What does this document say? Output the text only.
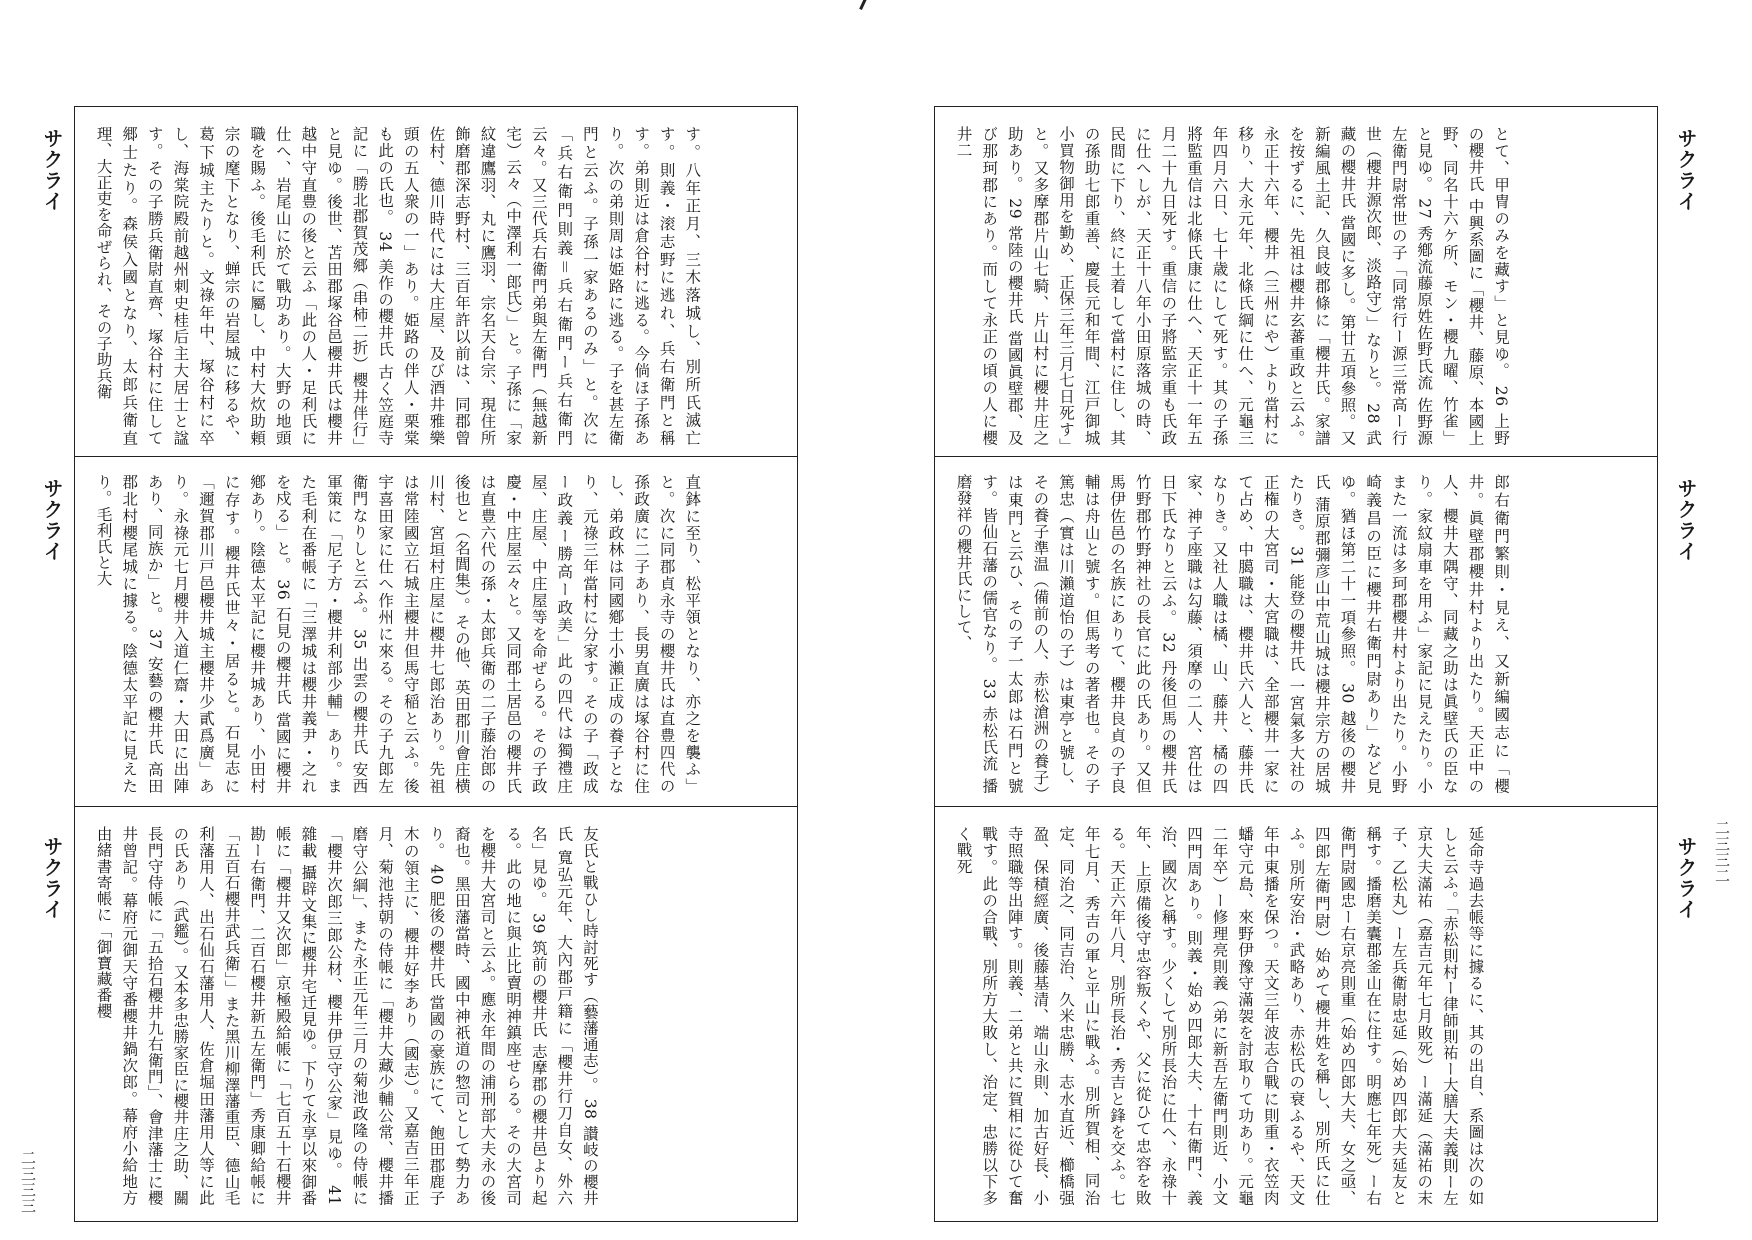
サクライ
サクライ
サクライ
す。八年正月、三木落城し、別所氏滅亡す。則義・滚志野に逃れ、兵右衛門と稱す。弟則近は倉谷村に逃る。今倘ほ子孫あり。次の弟則周は姫路に逃る。子を甚左衛門と云ふ。子孫一家あるのみ」と。次に「兵右衛門則義＝兵右衛門ー兵右衛門云々。又三代兵右衛門弟與左衛門（無越新宅）云々（中澤利一郎氏）」と。子孫に「家紋違鷹羽、丸に鷹羽、宗名天台宗、現住所飾磨郡深志野村、三百年許以前は、同郡曾佐村、德川時代には大庄屋、及び酒井雅樂頭の五人衆の一」あり。姫路の伴人・栗棠も此の氏也。 34 美作の櫻井氏 古く笠庭寺記に「勝北郡賀茂郷（串柿二折）櫻井伴行」と見ゆ。後世、苫田郡塚谷邑櫻井氏は櫻井越中守直豊の後と云ふ「此の人・足利氏に仕へ、岩尾山に於て戰功あり。大野の地頭職を賜ふ。後毛利氏に屬し、中村大炊助頼宗の麾下となり、蝉宗の岩屋城に移るや、葛下城主たりと。文祿年中、塚谷村に卒し、海棠院殿前越州刺史桂后主大居士と諡す。その子勝兵衛尉直齊、塚谷村に住して郷士たり。森侯入國となり、太郎兵衛直理、大正吏を命ぜられ、その子助兵衛
直鉢に至り、松平領となり、亦之を襲ふ」と。次に同郡貞永寺の櫻井氏は直豊四代の孫政廣に二子あり、長男直廣は塚谷村に住し、弟政林は同國鄕士小瀨正成の養子となり、元祿三年當村に分家す。その子「政成ー政義ー勝高ー政美」此の四代は獨禮庄屋、庄屋、中庄屋等を命ぜらる。その子政慶・中庄屋云々と。又同郡土居邑の櫻井氏は直豊六代の孫・太郎兵衛の二子藤治郎の後也と（名閭集）。その他、英田郡川會庄横川村、宮垣村庄屋に櫻井七郎治あり。先祖は常陸國立石城主櫻井但馬守稲と云ふ。後宇喜田家に仕へ作州に來る。その子九郎左衛門なりしと云ふ。 35 出雲の櫻井氏 安西軍策に「尼子方・櫻井利部少輔」あり。また毛利在番帳に「三澤城は櫻井義尹・之れを戍る」と。 36 石見の櫻井氏 當國に櫻井鄕あり。陰德太平記に櫻井城あり、小田村に存す。櫻井氏世々・居ると。石見志に「邇賀郡川戸邑櫻井城主櫻井少貳爲廣」あり。永祿元七月櫻井入道仁齋・大田に出陣あり、同族か」と。 37 安藝の櫻井氏 高田郡北村櫻尾城に據る。陰德太平記に見えたり。毛利氏と大
友氏と戰ひし時討死す（藝藩通志）。 38 讃岐の櫻井氏 寬弘元年、大內郡戸籍に「櫻井行刀自女、外六名」見ゆ。 39 筑前の櫻井氏 志摩郡の櫻井邑より起る。此の地に與止比賣明神鎮座せらる。その大宮司を櫻井大宮司と云ふ。應永年間の浦刑部大夫永の後裔也。黑田藩當時、國中神祇道の惣司として勢力あり。 40 肥後の櫻井氏 當國の豪族にて、飽田郡鹿子木の領主に、櫻井好李あり（國志）。又嘉吉三年正月、菊池持朝の侍帳に「櫻井大藏少輔公常、櫻井播磨守公綱」、また永正元年三月の菊池政隆の侍帳に「櫻井次郎三郎公材、櫻井伊豆守公家」見ゆ。 41 雜載 攝辟文集に櫻井宅迁見ゆ。下りて永享以來御番帳に「櫻井又次郎」京極殿給帳に「七百五十石櫻井勘ー右衛門、二百石櫻井新五左衛門」秀康卿給帳に「五百石櫻井武兵衛」」また黑川柳澤藩重臣、德山毛利藩用人、出石仙石藩用人、佐倉堀田藩用人等に此の氏あり（武鑑）。又本多忠勝家臣に櫻井庄之助、關長門守侍帳に「五拾石櫻井九右衛門」、會津藩士に櫻井曾記。幕府元御天守番櫻井鍋次郎。幕府小給地方由緒書寄帳に「御寶藏番櫻
二三三三
とて、甲冑のみを藏す」と見ゆ。 26 上野の櫻井氏 中興系圖に「櫻井、藤原、本國上野、同名十六ケ所、モン・櫻九曜、竹雀」と見ゆ。 27 秀鄕流藤原姓佐野氏流 佐野源左衛門尉常世の子「同常行ー源三常高ー行世（櫻井源次郎、淡路守）」なりと。 28 武藏の櫻井氏 當國に多し。第廿五項參照。又新編風土記、久良岐郡條に「櫻井氏。家譜を按ずるに、先祖は櫻井玄蕃重政と云ふ。永正十六年、櫻井（三州にや）より當村に移り、大永元年、北條氏綱に仕へ、元龜三年四月六日、七十歳にして死す。其の子孫將監重信は北條氏康に仕へ、天正十一年五月二十九日死す。重信の子將監宗重も氏政に仕へしが、天正十八年小田原落城の時、民間に下り、終に土着して當村に住し、其の孫助七郎重善、慶長元和年間、江戸御城小買物御用を勤め、正保三年三月七日死す」と。又多摩郡片山七騎、片山村に櫻井庄之助あり。 29 常陸の櫻井氏 當國眞壁郡、及び那珂郡にあり。而して永正の頃の人に櫻井二
郎右衛門繁則・見え、又新編國志に「櫻井。眞壁郡櫻井村より出たり。天正中の人、櫻井大隅守、同藏之助は眞壁氏の臣なり。家紋扇車を用ふ」家記に見えたり。小また一流は多珂郡櫻井村より出たり。小野崎義昌の臣に櫻井右衛門尉あり」など見ゆ。猶ほ第二十一項參照。 30 越後の櫻井氏 蒲原郡彌彦山中荒山城は櫻井宗方の居城たりき。 31 能登の櫻井氏 一宮氣多大社の正権の大宮司・大宮職は、全部櫻井一家にて占め、中臈職は、櫻井氏六人と、藤井氏なりき。又社人職は橘、山、藤井、橘の四家、神子座職は勾藤、須摩の二人、宮仕は日下氏なりと云ふ。 32 丹後但馬の櫻井氏 竹野郡竹野神社の長官に此の氏あり。又但馬伊佐邑の名族にありて、櫻井良貞の子良輔は舟山と號す。但馬考の著者也。その子篤忠（實は川瀨道怡の子）は東亭と號し、その養子準温（備前の人、赤松滄洲の養子）は東門と云ひ、その子一太郎は石門と號す。皆仙石藩の儒官なり。 33 赤松氏流 播磨發祥の櫻井氏にして、
延命寺過去帳等に據るに、其の出自、系圖は次の如しと云ふ。「赤松則村ー律師則祐ー大膳大夫義則ー左京大夫滿祐（嘉吉元年七月敗死）ー滿延（滿祐の末子、乙松丸）ー左兵衛尉忠延（始め四郎大夫延友と稱す。播磨美囊郡釜山在に住す。明應七年死）ー右衛門尉國忠ー右京亮則重（始め四郎大夫、女之亟、四郎左衛門尉）始めて櫻井姓を稱し、別所氏に仕ふ。別所安治・武略あり、赤松氏の衰ふるや、天文年中東播を保つ。天文三年波志合戰に則重・衣笠肉蟠守元島、來野伊豫守滿袈を討取りて功あり。元龜二年卒）ー修理亮則義（弟に新吾左衛門則近、小文四門周あり。則義・始め四郎大夫、十右衛門、義治、國次と稱す。少くして別所長治に仕へ、永祿十年、上原備後守忠容叛くや、父に從ひて忠容を敗る。天正六年八月、別所長治・秀吉と鋒を交ふ。七年七月、秀吉の軍と平山に戰ふ。別所賀相、同治定、同治之、同吉治、久米忠勝、志水直近、櫛橋强盈、保積經廣、後藤基清、端山永則、加古好長、小寺照職等出陣す。則義、二弟と共に賀相に從ひて奮戰す。此の合戰、別所方大敗し、治定、忠勝以下多く戰死
サクライ
サクライ
サクライ 二三三二
